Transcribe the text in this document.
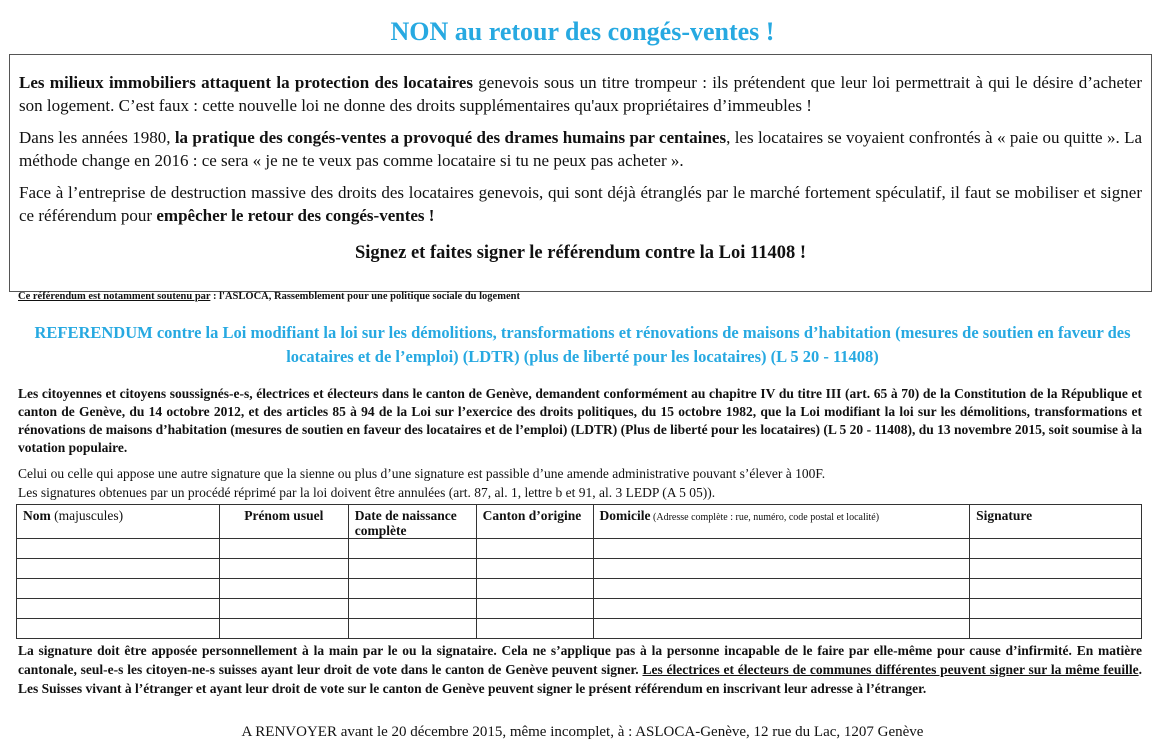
NON au retour des congés-ventes !

Les milieux immobiliers attaquent la protection des locataires genevois sous un titre trompeur : ils prétendent que leur loi permettrait à qui le désire d’acheter son logement. C’est faux : cette nouvelle loi ne donne des droits supplémentaires qu'aux propriétaires d’immeubles !

Dans les années 1980, la pratique des congés-ventes a provoqué des drames humains par centaines, les locataires se voyaient confrontés à « paie ou quitte ». La méthode change en 2016 : ce sera « je ne te veux pas comme locataire si tu ne peux pas acheter ».

Face à l’entreprise de destruction massive des droits des locataires genevois, qui sont déjà étranglés par le marché fortement spéculatif, il faut se mobiliser et signer ce référendum pour empêcher le retour des congés-ventes !

Signez et faites signer le référendum contre la Loi 11408 !

Ce référendum est notamment soutenu par : l'ASLOCA, Rassemblement pour une politique sociale du logement

REFERENDUM contre la Loi modifiant la loi sur les démolitions, transformations et rénovations de maisons d’habitation (mesures de soutien en faveur des locataires et de l’emploi) (LDTR) (plus de liberté pour les locataires) (L 5 20 - 11408)

Les citoyennes et citoyens soussignés-e-s, électrices et électeurs dans le canton de Genève, demandent conformément au chapitre IV du titre III (art. 65 à 70) de la Constitution de la République et canton de Genève, du 14 octobre 2012, et des articles 85 à 94 de la Loi sur l’exercice des droits politiques, du 15 octobre 1982, que la Loi modifiant la loi sur les démolitions, transformations et rénovations de maisons d’habitation (mesures de soutien en faveur des locataires et de l’emploi) (LDTR) (Plus de liberté pour les locataires) (L 5 20 - 11408), du 13 novembre 2015, soit soumise à la votation populaire.

Celui ou celle qui appose une autre signature que la sienne ou plus d’une signature est passible d’une amende administrative pouvant s’élever à 100F.

Les signatures obtenues par un procédé réprimé par la loi doivent être annulées (art. 87, al. 1, lettre b et 91, al. 3 LEDP (A 5 05)).

Nom (majuscules)	Prénom usuel	Date de naissance complète	Canton d’origine	Domicile (Adresse complète : rue, numéro, code postal et localité)	Signature

La signature doit être apposée personnellement à la main par le ou la signataire. Cela ne s’applique pas à la personne incapable de le faire par elle-même pour cause d’infirmité. En matière cantonale, seul-e-s les citoyen-ne-s suisses ayant leur droit de vote dans le canton de Genève peuvent signer. Les électrices et électeurs de communes différentes peuvent signer sur la même feuille. Les Suisses vivant à l’étranger et ayant leur droit de vote sur le canton de Genève peuvent signer le présent référendum en inscrivant leur adresse à l’étranger.

A RENVOYER avant le 20 décembre 2015, même incomplet, à : ASLOCA-Genève, 12 rue du Lac, 1207 Genève
